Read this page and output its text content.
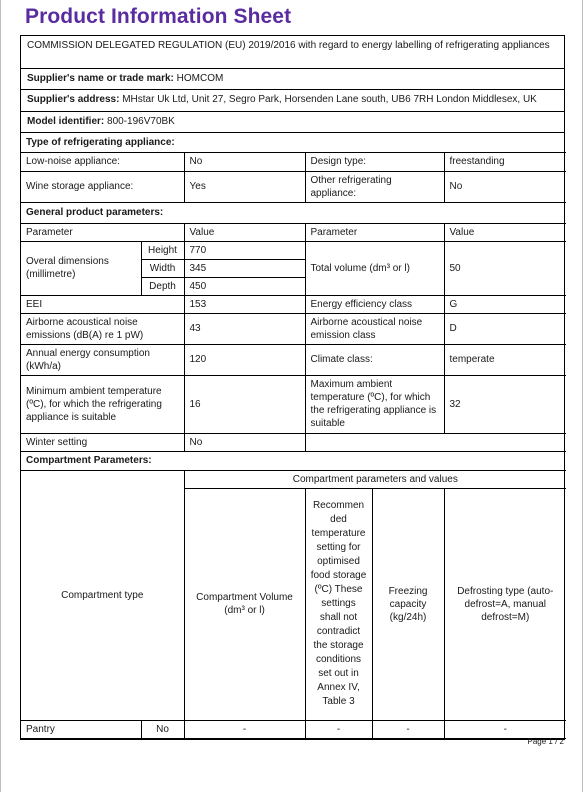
Product Information Sheet
COMMISSION DELEGATED REGULATION (EU) 2019/2016 with regard to energy labelling of refrigerating appliances
Supplier's name or trade mark: HOMCOM
Supplier's address: MHstar Uk Ltd, Unit 27, Segro Park, Horsenden Lane south, UB6 7RH London Middlesex, UK
Model identifier: 800-196V70BK
Type of refrigerating appliance:			
Low-noise appliance:	No	Design type:	freestanding
Wine storage appliance:	Yes	Other refrigerating appliance:	No
General product parameters:			
Parameter	Value	Parameter	Value
Overal dimensions (millimetre)	Height	770	Total volume (dm³ or l)	50
	Width	345		
	Depth	450		
EEI		153	Energy efficiency class	G
Airborne acoustical noise emissions (dB(A) re 1 pW)		43	Airborne acoustical noise emission class	D
Annual energy consumption (kWh/a)		120	Climate class:	temperate
Minimum ambient temperature (ºC), for which the refrigerating appliance is suitable		16	Maximum ambient temperature (ºC), for which the refrigerating appliance is suitable	32
Winter setting		No		
Compartment Parameters:				
Compartment type		Compartment parameters and values			
		Compartment Volume (dm³ or l)	Recommended temperature setting for optimised food storage (ºC) These settings shall not contradict the storage conditions set out in Annex IV, Table 3	Freezing capacity (kg/24h)	Defrosting type (auto-defrost=A, manual defrost=M)
Pantry	No	-	-	-	-
Page 1 / 2
